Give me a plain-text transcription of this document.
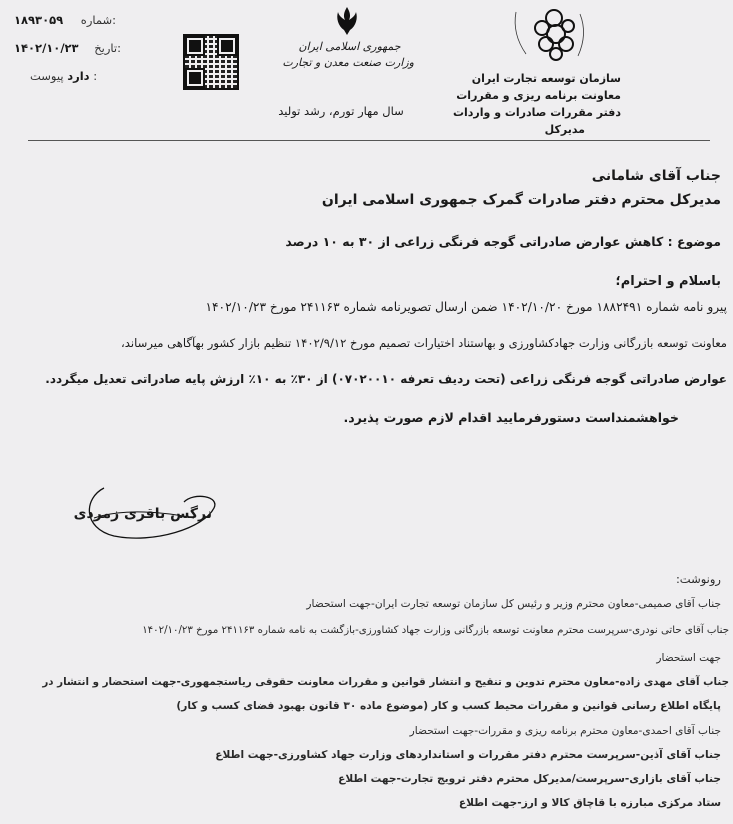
۱۸۹۳۰۵۹ شماره:
۱۴۰۲/۱۰/۲۳ تاریخ:
دارد پیوست :
جمهوری اسلامی ایران
وزارت صنعت معدن و تجارت
سال مهار تورم، رشد تولید
Trade Promotion Organization of Iran
سازمان توسعه تجارت ایران
معاونت برنامه ریزی و مقررات
دفتر مقررات صادرات و واردات
مدیرکل
جناب آقای شامانی
مدیرکل محترم دفتر صادرات گمرک جمهوری اسلامی ایران
موضوع : کاهش عوارض صادراتی گوجه فرنگی زراعی از ۳۰ به ۱۰ درصد
باسلام و احترام؛
پیرو نامه شماره ۱۸۸۲۴۹۱ مورخ ۱۴۰۲/۱۰/۲۰ ضمن ارسال تصویرنامه شماره ۲۴۱۱۶۳ مورخ ۱۴۰۲/۱۰/۲۳
معاونت توسعه بازرگانی وزارت جهادکشاورزی و بهاستناد اختیارات تصمیم مورخ ۱۴۰۲/۹/۱۲ تنظیم بازار کشور بهآگاهی میرساند،
عوارض صادراتی گوجه فرنگی زراعی (تحت ردیف تعرفه ۰۷۰۲۰۰۱۰) از ۳۰٪ به ۱۰٪ ارزش پایه صادراتی تعدیل میگردد.
خواهشمنداست دستورفرمایید اقدام لازم صورت پذیرد.
نرگس باقری زمردی
رونوشت:
جناب آقای صمیمی-معاون محترم وزیر و رئیس کل سازمان توسعه تجارت ایران-جهت استحضار
جناب آقای حاتی نودری-سرپرست محترم معاونت توسعه بازرگانی وزارت جهاد کشاورزی-بازگشت به نامه شماره ۲۴۱۱۶۳ مورخ ۱۴۰۲/۱۰/۲۳
جهت استحضار
جناب آقای مهدی زاده-معاون محترم تدوین و تنقیح و انتشار قوانین و مقررات معاونت حقوقی ریاستجمهوری-جهت استحضار و انتشار در
پایگاه اطلاع رسانی قوانین و مقررات محیط کسب و کار (موضوع ماده ۳۰ قانون بهبود فضای کسب و کار)
جناب آقای احمدی-معاون محترم برنامه ریزی و مقررات-جهت استحضار
جناب آقای آذین-سرپرست محترم دفتر مقررات و استانداردهای وزارت جهاد کشاورزی-جهت اطلاع
جناب آقای بازاری-سرپرست/مدیرکل محترم دفتر ترویج تجارت-جهت اطلاع
ستاد مرکزی مبارزه با قاچاق کالا و ارز-جهت اطلاع
